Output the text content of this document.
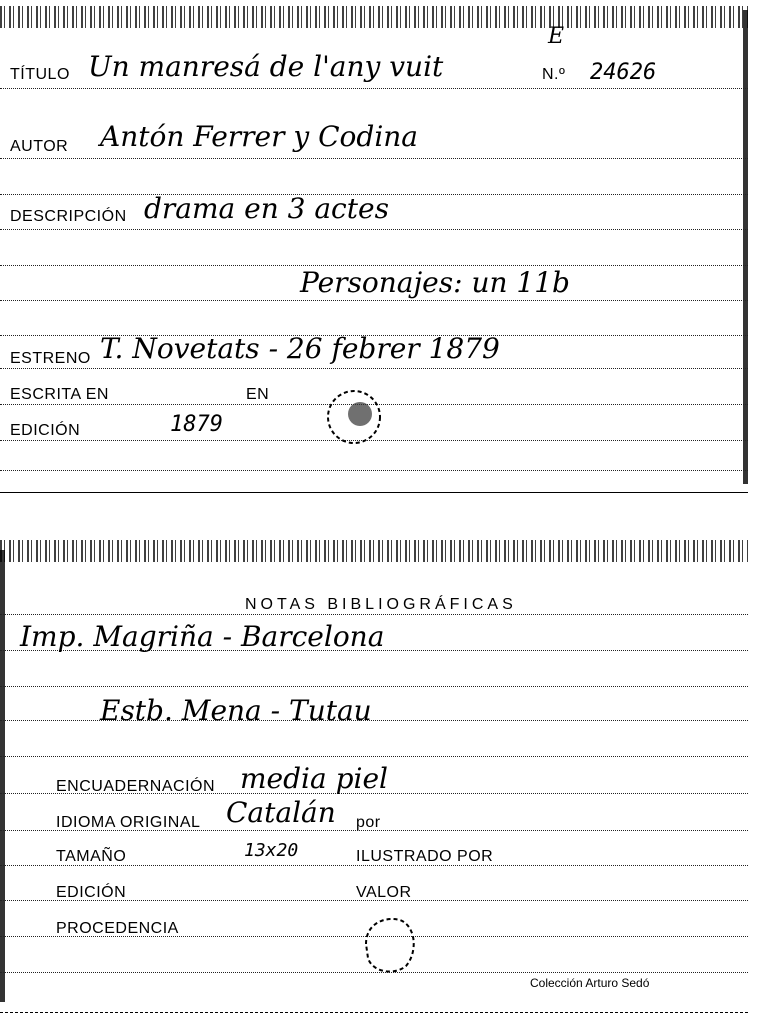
E
TÍTULO Un manresá de l'any vuit	N.º 24626
AUTOR Antón Ferrer y Codina
DESCRIPCIÓN drama en 3 actes
Personajes: un 11b
ESTRENO T. Novetats - 26 febrer 1879
ESCRITA EN	EN
EDICIÓN	1879
NOTAS BIBLIOGRÁFICAS
Imp. Magriña - Barcelona
Estb. Mena - Tutau
ENCUADERNACIÓN media piel
IDIOMA ORIGINAL Catalán por
TAMAÑO	13x20	ILUSTRADO POR
EDICIÓN	VALOR
PROCEDENCIA
Colección Arturo Sedó
